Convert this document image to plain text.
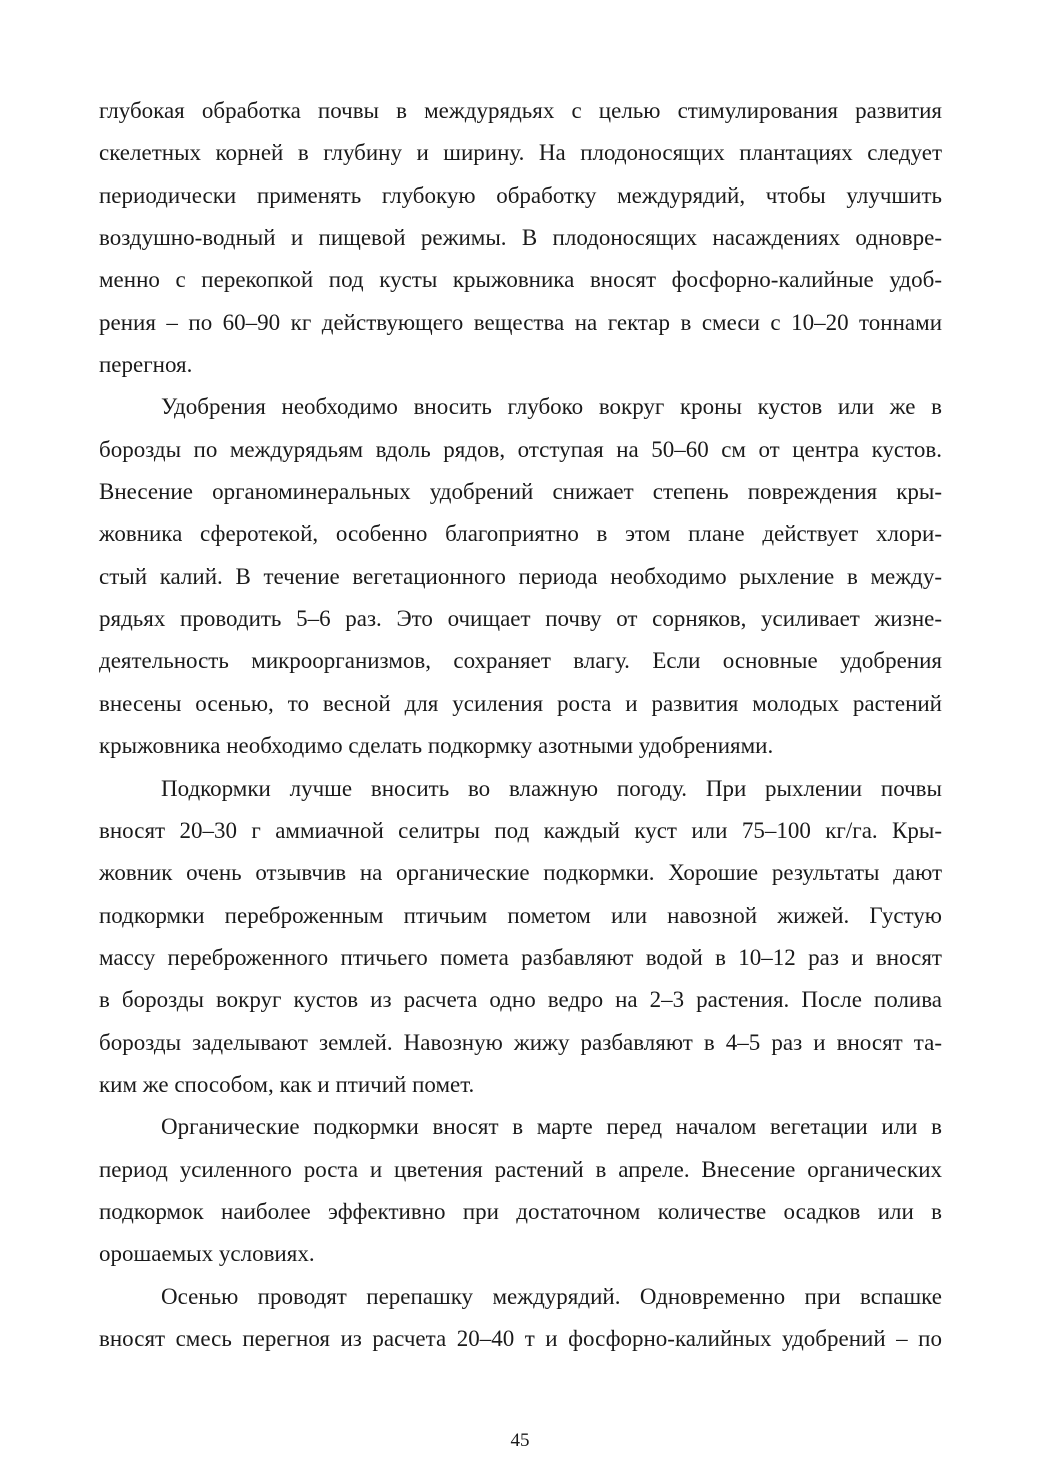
глубокая обработка почвы в междурядьях с целью стимулирования развития
скелетных корней в глубину и ширину. На плодоносящих плантациях следует
периодически применять глубокую обработку междурядий, чтобы улучшить
воздушно-водный и пищевой режимы. В плодоносящих насаждениях одновре-
менно с перекопкой под кусты крыжовника вносят фосфорно-калийные удоб-
рения – по 60–90 кг действующего вещества на гектар в смеси с 10–20 тоннами
перегноя.
Удобрения необходимо вносить глубоко вокруг кроны кустов или же в
борозды по междурядьям вдоль рядов, отступая на 50–60 см от центра кустов.
Внесение органоминеральных удобрений снижает степень повреждения кры-
жовника сферотекой, особенно благоприятно в этом плане действует хлори-
стый калий. В течение вегетационного периода необходимо рыхление в между-
рядьях проводить 5–6 раз. Это очищает почву от сорняков, усиливает жизне-
деятельность микроорганизмов, сохраняет влагу. Если основные удобрения
внесены осенью, то весной для усиления роста и развития молодых растений
крыжовника необходимо сделать подкормку азотными удобрениями.
Подкормки лучше вносить во влажную погоду. При рыхлении почвы
вносят 20–30 г аммиачной селитры под каждый куст или 75–100 кг/га. Кры-
жовник очень отзывчив на органические подкормки. Хорошие результаты дают
подкормки переброженным птичьим пометом или навозной жижей. Густую
массу переброженного птичьего помета разбавляют водой в 10–12 раз и вносят
в борозды вокруг кустов из расчета одно ведро на 2–3 растения. После полива
борозды заделывают землей. Навозную жижу разбавляют в 4–5 раз и вносят та-
ким же способом, как и птичий помет.
Органические подкормки вносят в марте перед началом вегетации или в
период усиленного роста и цветения растений в апреле. Внесение органических
подкормок наиболее эффективно при достаточном количестве осадков или в
орошаемых условиях.
Осенью проводят перепашку междурядий. Одновременно при вспашке
вносят смесь перегноя из расчета 20–40 т и фосфорно-калийных удобрений – по
45
